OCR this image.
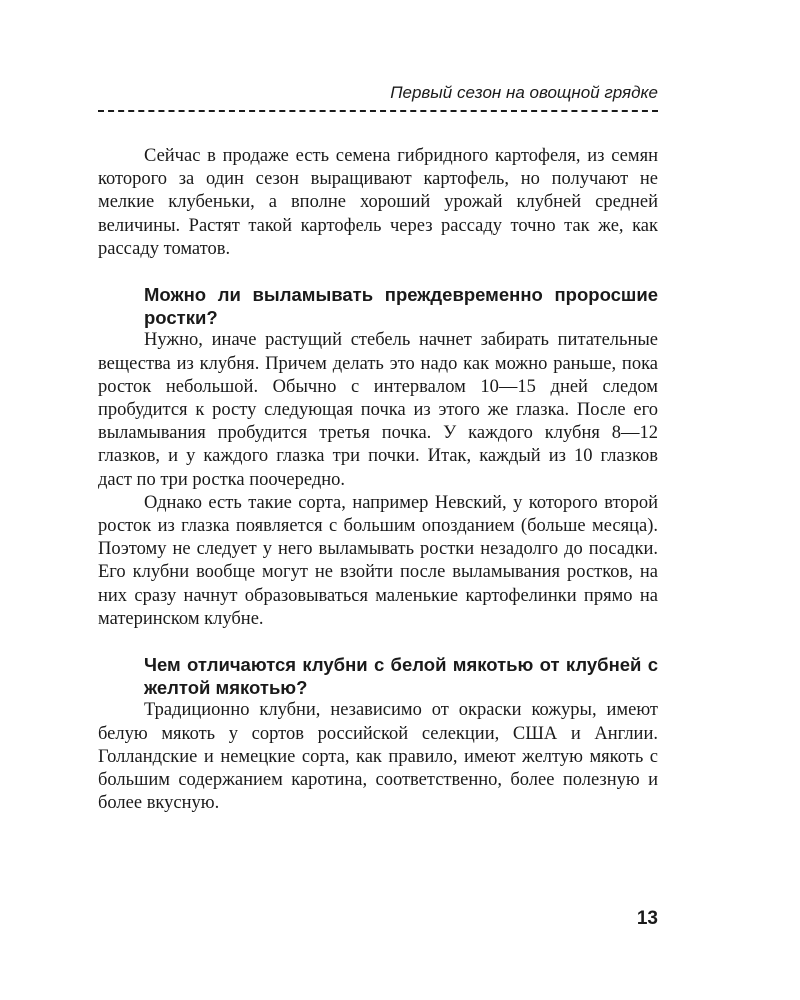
Первый сезон на овощной грядке

Сейчас в продаже есть семена гибридного картофеля, из семян которого за один сезон выращивают картофель, но получают не мелкие клубеньки, а вполне хороший урожай клубней средней величины. Растят такой картофель через рассаду точно так же, как рассаду томатов.

Можно ли выламывать преждевременно проросшие ростки?

Нужно, иначе растущий стебель начнет забирать питательные вещества из клубня. Причем делать это надо как можно раньше, пока росток небольшой. Обычно с интервалом 10—15 дней следом пробудится к росту следующая почка из этого же глазка. После его выламывания пробудится третья почка. У каждого клубня 8—12 глазков, и у каждого глазка три почки. Итак, каждый из 10 глазков даст по три ростка поочередно.

Однако есть такие сорта, например Невский, у которого второй росток из глазка появляется с большим опозданием (больше месяца). Поэтому не следует у него выламывать ростки незадолго до посадки. Его клубни вообще могут не взойти после выламывания ростков, на них сразу начнут образовываться маленькие картофелинки прямо на материнском клубне.

Чем отличаются клубни с белой мякотью от клубней с желтой мякотью?

Традиционно клубни, независимо от окраски кожуры, имеют белую мякоть у сортов российской селекции, США и Англии. Голландские и немецкие сорта, как правило, имеют желтую мякоть с большим содержанием каротина, соответственно, более полезную и более вкусную.

13
